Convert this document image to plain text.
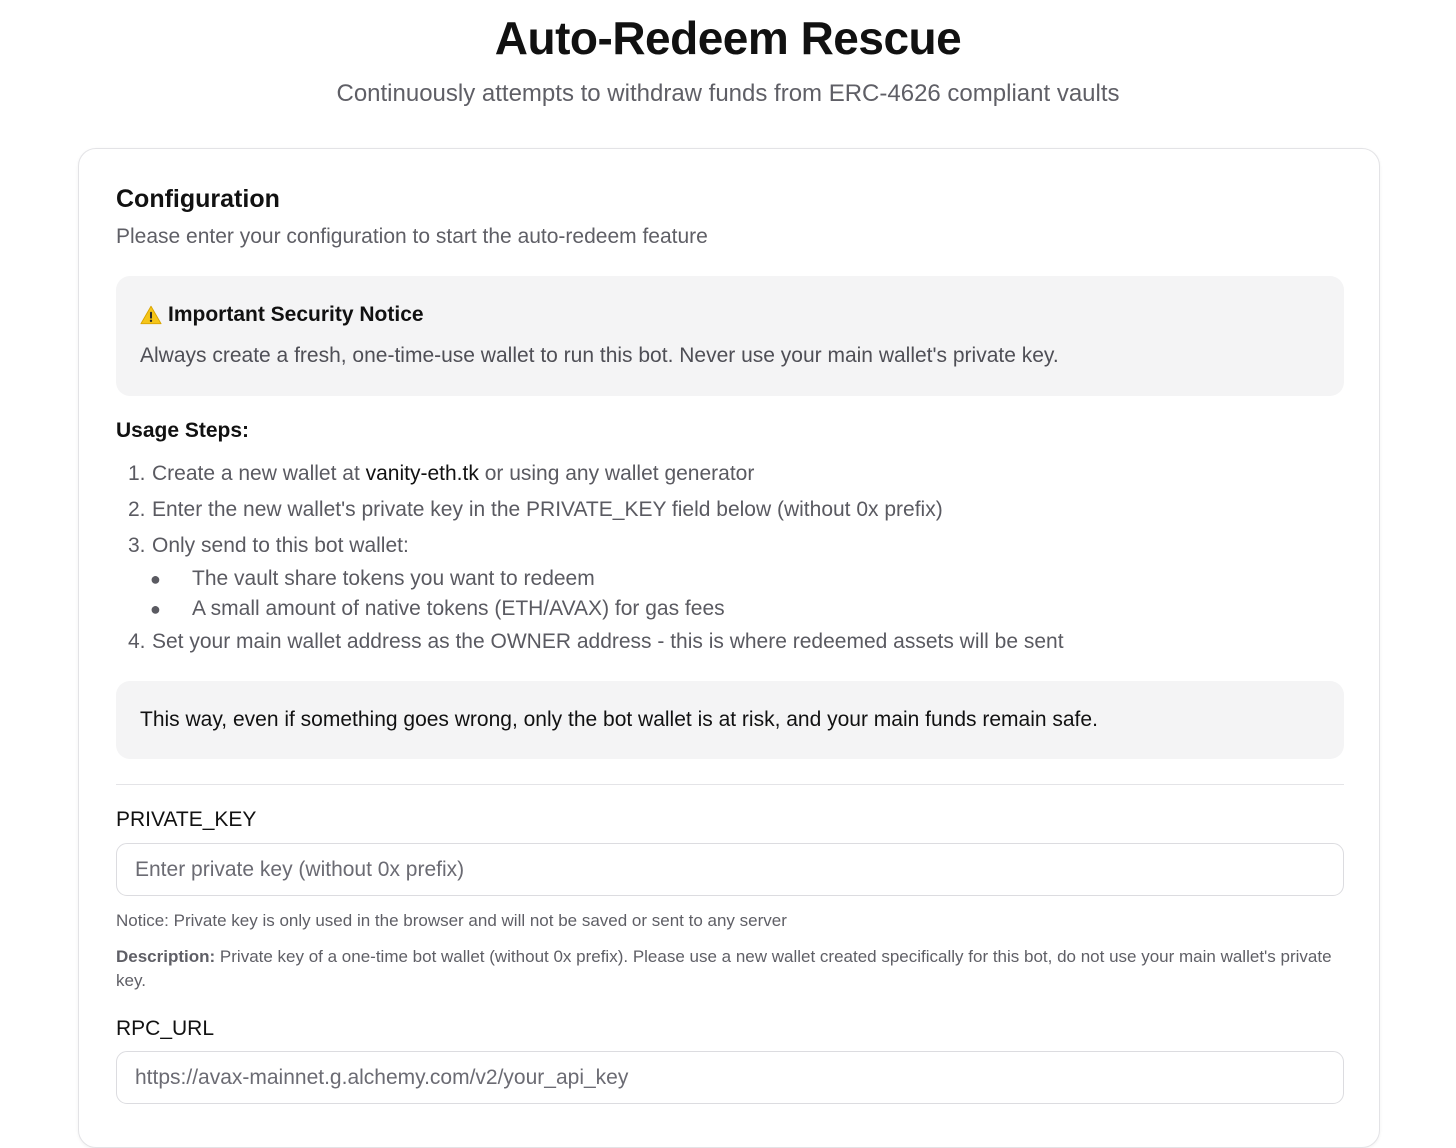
Auto-Redeem Rescue

Continuously attempts to withdraw funds from ERC-4626 compliant vaults

Configuration

Please enter your configuration to start the auto-redeem feature

Important Security Notice
Always create a fresh, one-time-use wallet to run this bot. Never use your main wallet's private key.
Usage Steps:
1. Create a new wallet at
vanity-eth.tk
or using any wallet generator
2. Enter the new wallet's private key in the PRIVATE_KEY field below (without 0x prefix)
3. Only send to this bot wallet:
●	The vault share tokens you want to redeem
●	A small amount of native tokens (ETH/AVAX) for gas fees
4. Set your main wallet address as the OWNER address - this is where redeemed assets will be sent
This way, even if something goes wrong, only the bot wallet is at risk, and your main funds remain safe.
PRIVATE_KEY
Enter private key (without 0x prefix)

Notice: Private key is only used in the browser and will not be saved or sent to any server

Description: Private key of a one-time bot wallet (without 0x prefix). Please use a new wallet created specifically for this bot, do not use your main wallet's private key.

RPC_URL
https://avax-mainnet.g.alchemy.com/v2/your_api_key
